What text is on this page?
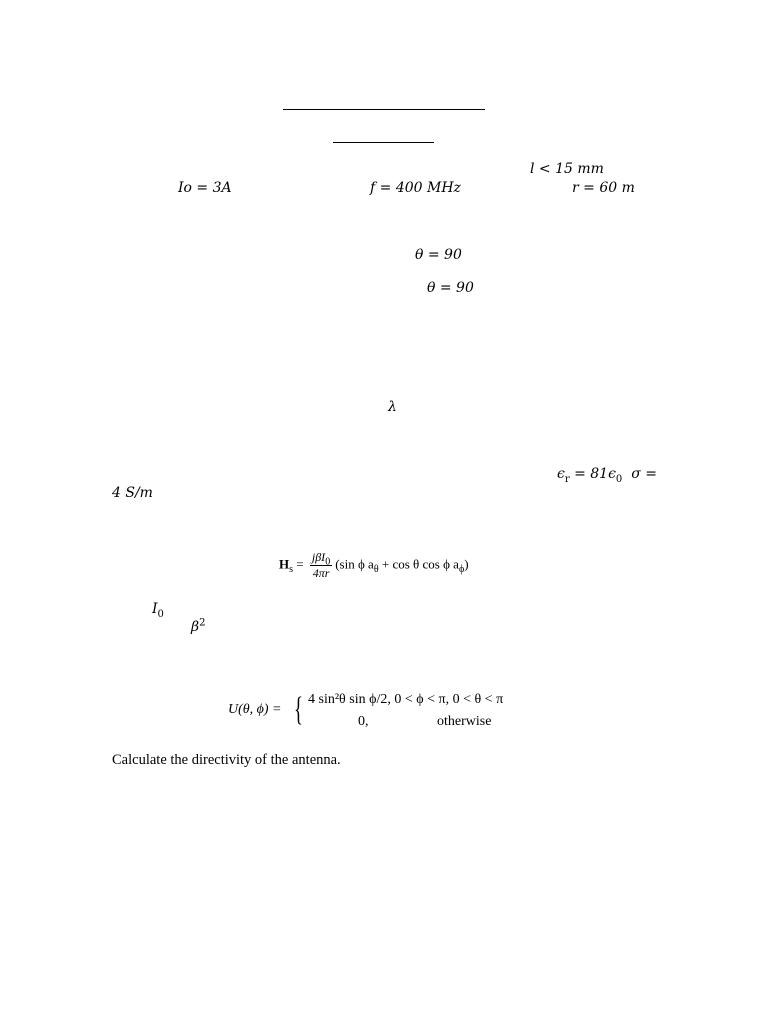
l < 15 mm
Io = 3A	f = 400 MHz	r = 60 m
θ = 90
θ = 90
λ
$\epsilon_r = 81\epsilon_0$ σ =
4 S/m
$H_s = \frac{j\beta I_0}{4\pi r} (\sin$ ϕ $a_\theta + \cos \theta$ cos ϕ $a_\phi$)
$I_0$
$\beta^2$
U(θ, ϕ) = { 4 sin²θ sin ϕ/2, 0 < ϕ < π, 0 < θ < π
0,	otherwise
Calculate the directivity of the antenna.
